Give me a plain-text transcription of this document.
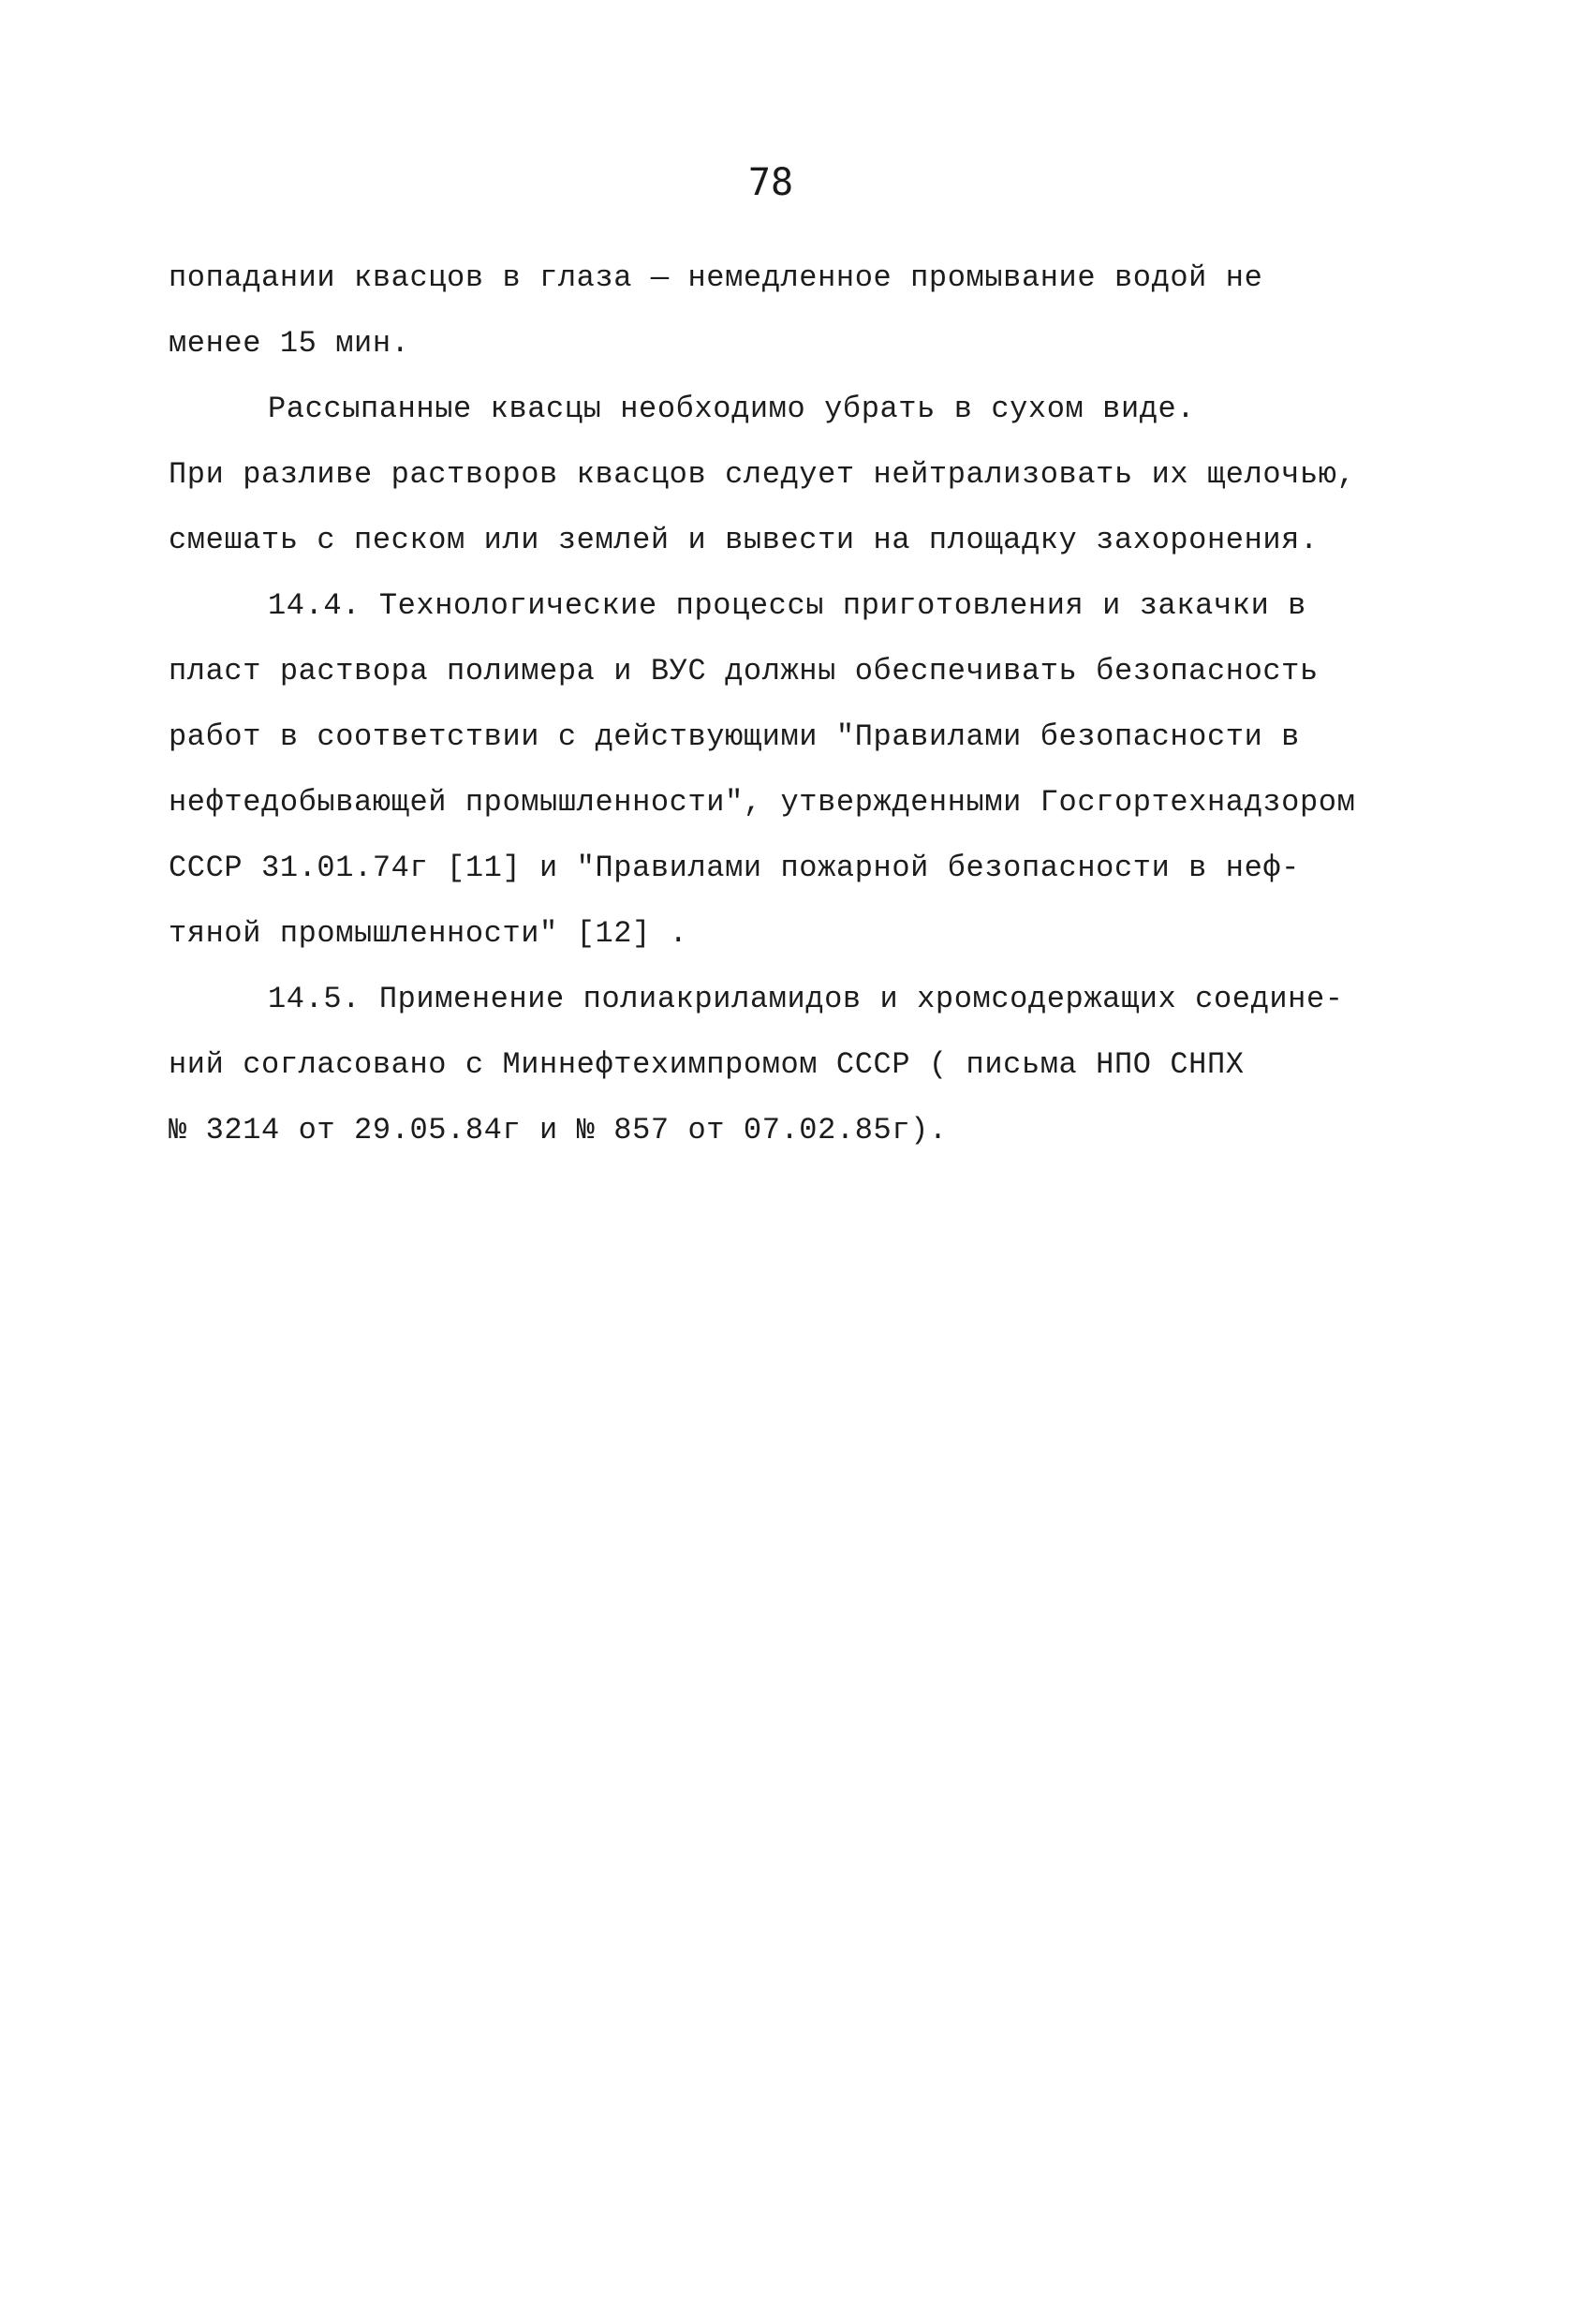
78
попадании квасцов в глаза — немедленное промывание водой не
менее 15 мин.
Рассыпанные квасцы необходимо убрать в сухом виде.
При разливе растворов квасцов следует нейтрализовать их щелочью,
смешать с песком или землей и вывести на площадку захоронения.
14.4. Технологические процессы приготовления и закачки в
пласт раствора полимера и ВУС должны обеспечивать безопасность
работ в соответствии с действующими "Правилами безопасности в
нефтедобывающей промышленности", утвержденными Госгортехнадзором
СССР 31.01.74г [11] и "Правилами пожарной безопасности в неф-
тяной промышленности" [12] .
14.5. Применение полиакриламидов и хромсодержащих соедине-
ний согласовано с Миннефтехимпромом СССР ( письма НПО СНПХ
№ 3214 от 29.05.84г и № 857 от 07.02.85г).
